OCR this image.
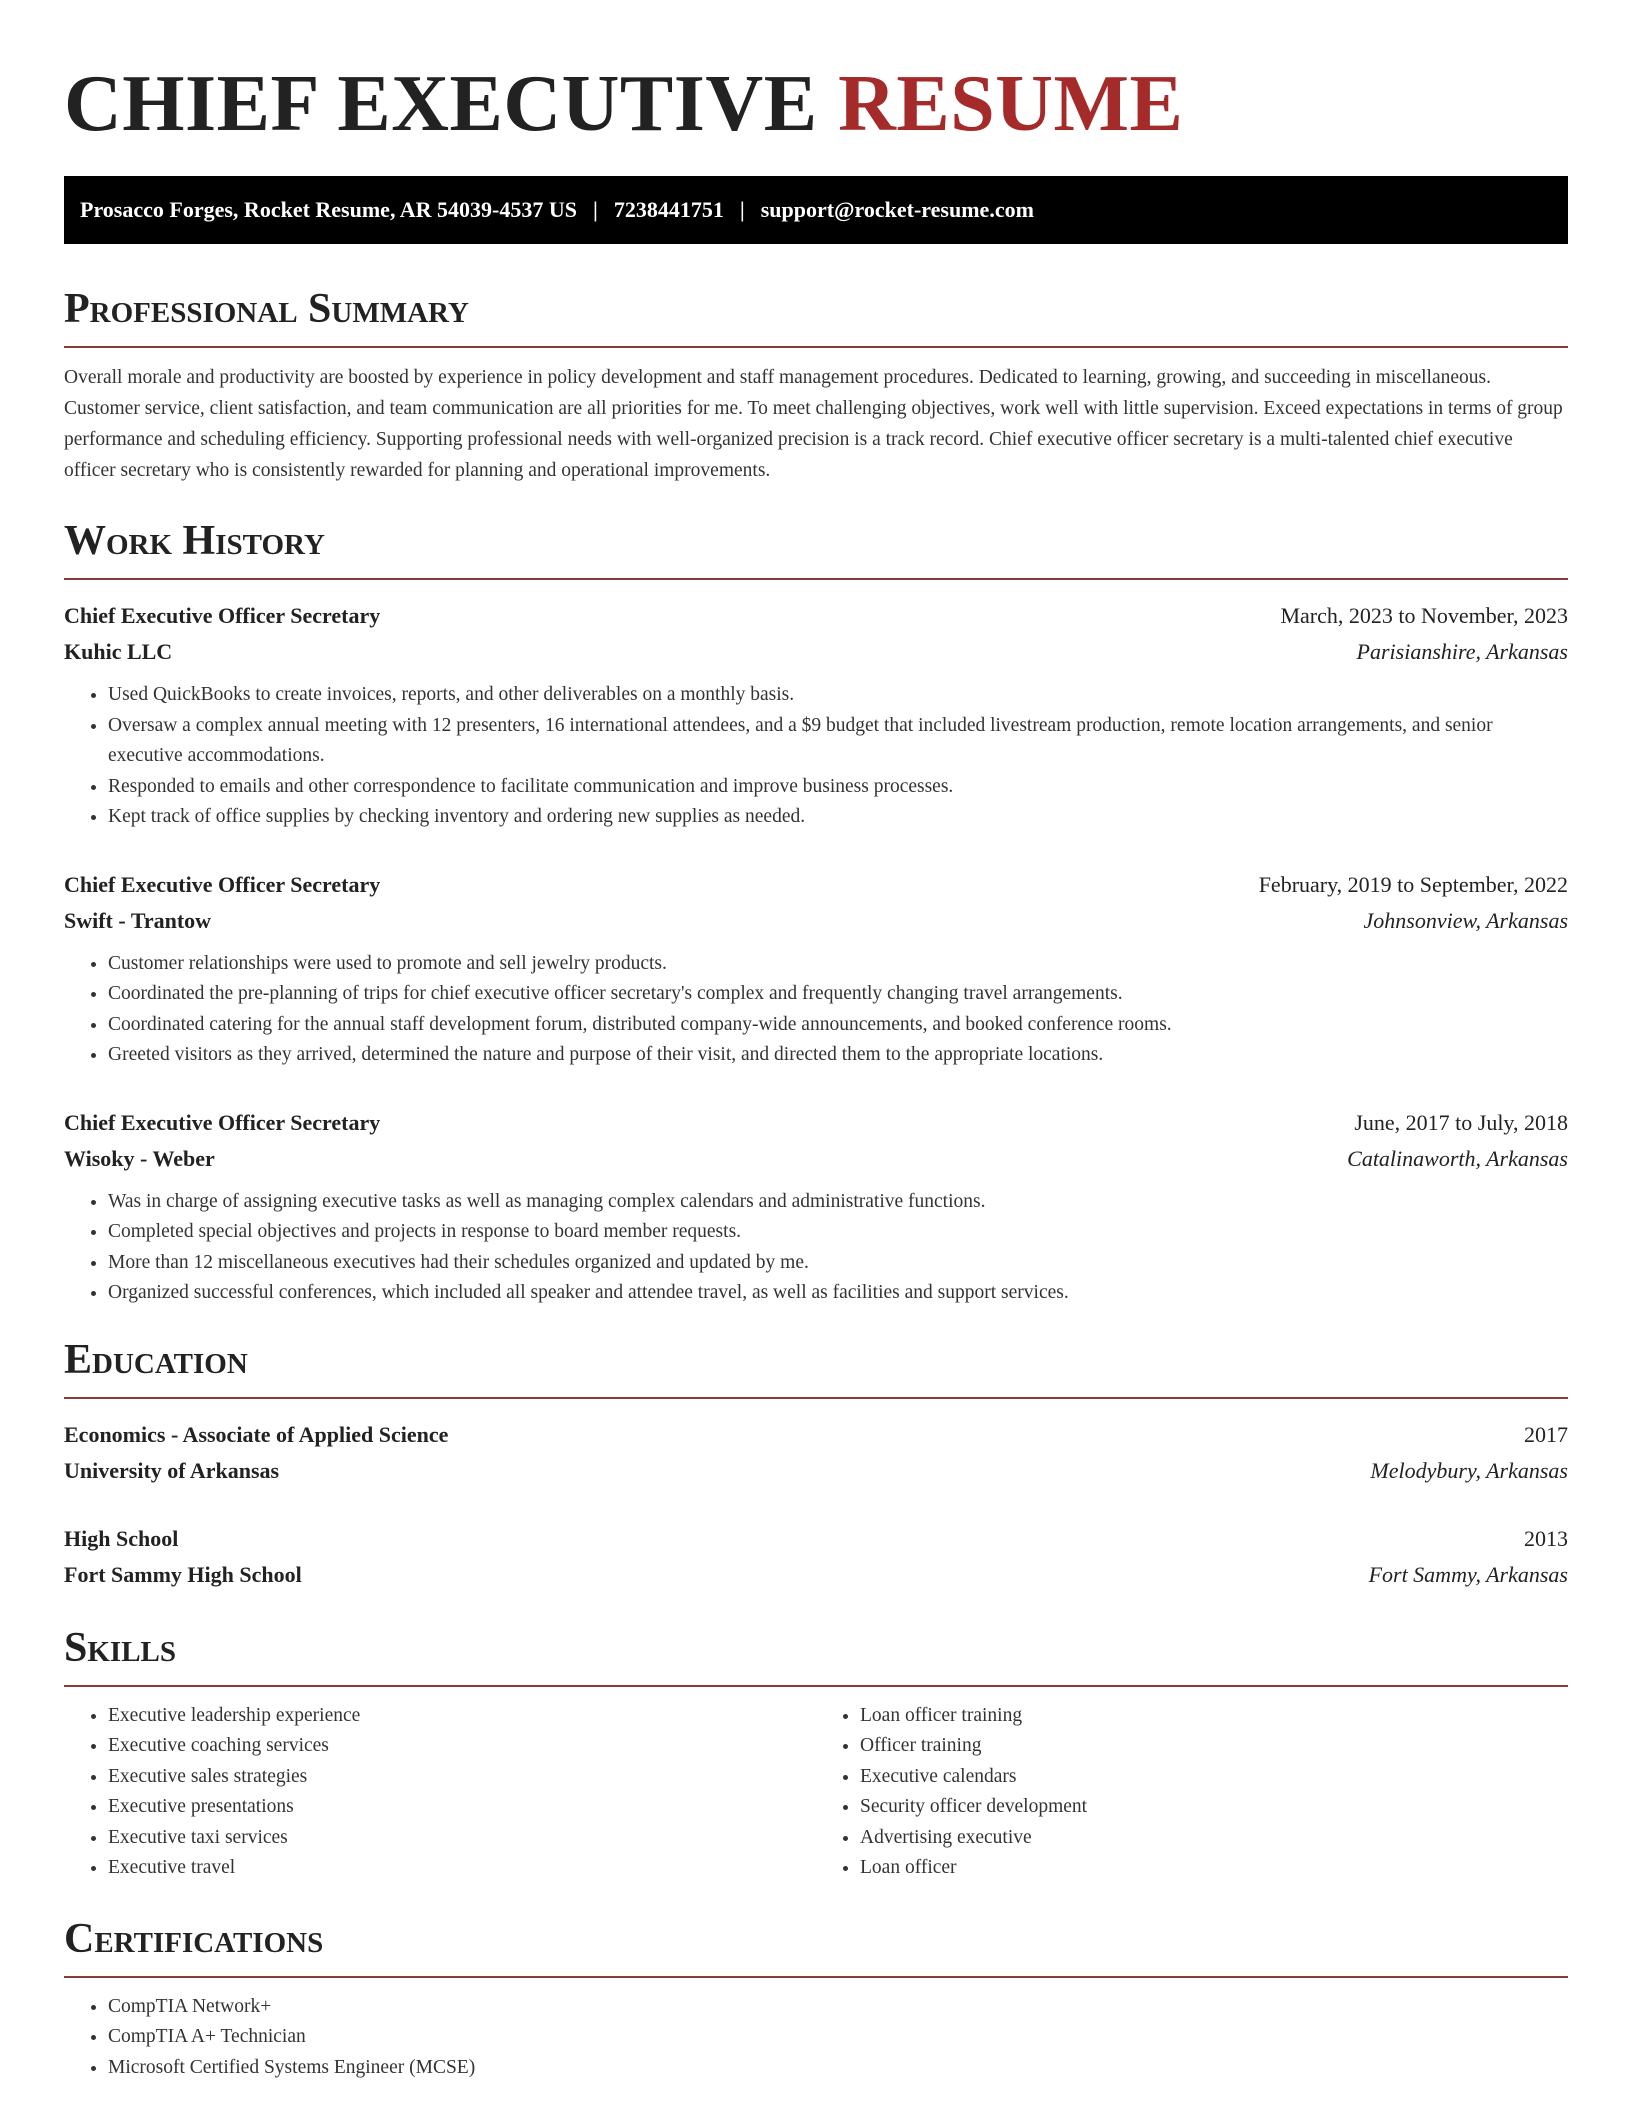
CHIEF EXECUTIVE RESUME
Prosacco Forges, Rocket Resume, AR 54039-4537 US | 7238441751 | support@rocket-resume.com
Professional Summary

Overall morale and productivity are boosted by experience in policy development and staff management procedures. Dedicated to learning, growing, and succeeding in miscellaneous. Customer service, client satisfaction, and team communication are all priorities for me. To meet challenging objectives, work well with little supervision. Exceed expectations in terms of group performance and scheduling efficiency. Supporting professional needs with well-organized precision is a track record. Chief executive officer secretary is a multi-talented chief executive officer secretary who is consistently rewarded for planning and operational improvements.

Work History
Chief Executive Officer Secretary	March, 2023 to November, 2023
Kuhic LLC	Parisianshire, Arkansas
• Used QuickBooks to create invoices, reports, and other deliverables on a monthly basis.
• Oversaw a complex annual meeting with 12 presenters, 16 international attendees, and a $9 budget that included livestream production, remote location arrangements, and senior executive accommodations.
• Responded to emails and other correspondence to facilitate communication and improve business processes.
• Kept track of office supplies by checking inventory and ordering new supplies as needed.
Chief Executive Officer Secretary	February, 2019 to September, 2022
Swift - Trantow	Johnsonview, Arkansas
• Customer relationships were used to promote and sell jewelry products.
• Coordinated the pre-planning of trips for chief executive officer secretary's complex and frequently changing travel arrangements.
• Coordinated catering for the annual staff development forum, distributed company-wide announcements, and booked conference rooms.
• Greeted visitors as they arrived, determined the nature and purpose of their visit, and directed them to the appropriate locations.
Chief Executive Officer Secretary	June, 2017 to July, 2018
Wisoky - Weber	Catalinaworth, Arkansas
• Was in charge of assigning executive tasks as well as managing complex calendars and administrative functions.
• Completed special objectives and projects in response to board member requests.
• More than 12 miscellaneous executives had their schedules organized and updated by me.
• Organized successful conferences, which included all speaker and attendee travel, as well as facilities and support services.
Education
Economics - Associate of Applied Science	2017
University of Arkansas	Melodybury, Arkansas
High School	2013
Fort Sammy High School	Fort Sammy, Arkansas
Skills
• Executive leadership experience
• Executive coaching services
• Executive sales strategies
• Executive presentations
• Executive taxi services
• Executive travel
• Loan officer training
• Officer training
• Executive calendars
• Security officer development
• Advertising executive
• Loan officer
Certifications
• CompTIA Network+
• CompTIA A+ Technician
• Microsoft Certified Systems Engineer (MCSE)
